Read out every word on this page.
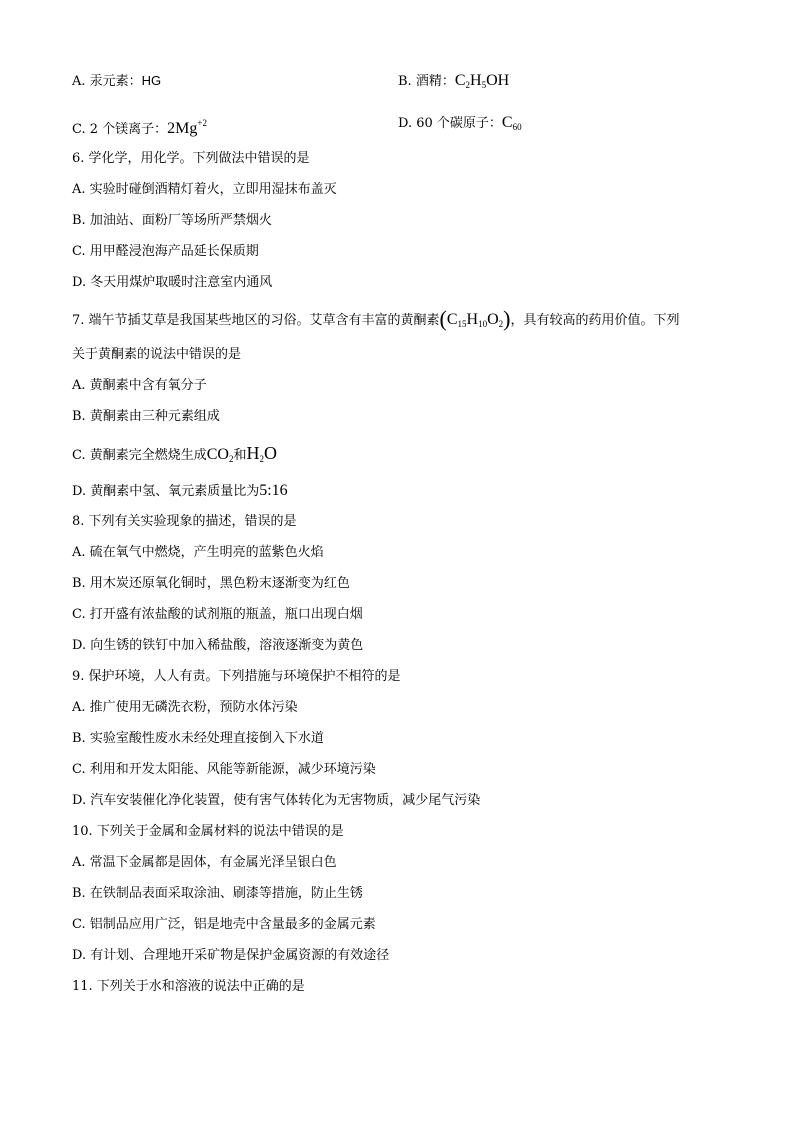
A. 汞元素：HG	B. 酒精：C2H5OH
C. 2 个镁离子：$2Mg^{+2}$	D. 60 个碳原子：C60
6. 学化学，用化学。下列做法中错误的是
A. 实验时碰倒酒精灯着火，立即用湿抹布盖灭
B. 加油站、面粉厂等场所严禁烟火
C. 用甲醛浸泡海产品延长保质期
D. 冬天用煤炉取暖时注意室内通风
7. 端午节插艾草是我国某些地区的习俗。艾草含有丰富的黄酮素(C15H10O2)，具有较高的药用价值。下列
关于黄酮素的说法中错误的是
A. 黄酮素中含有氧分子
B. 黄酮素由三种元素组成
C. 黄酮素完全燃烧生成CO2和H2O
D. 黄酮素中氢、氧元素质量比为5:16
8. 下列有关实验现象的描述，错误的是
A. 硫在氧气中燃烧，产生明亮的蓝紫色火焰
B. 用木炭还原氧化铜时，黑色粉末逐渐变为红色
C. 打开盛有浓盐酸的试剂瓶的瓶盖，瓶口出现白烟
D. 向生锈的铁钉中加入稀盐酸，溶液逐渐变为黄色
9. 保护环境，人人有责。下列措施与环境保护不相符的是
A. 推广使用无磷洗衣粉，预防水体污染
B. 实验室酸性废水未经处理直接倒入下水道
C. 利用和开发太阳能、风能等新能源，减少环境污染
D. 汽车安装催化净化装置，使有害气体转化为无害物质，减少尾气污染
10. 下列关于金属和金属材料的说法中错误的是
A. 常温下金属都是固体，有金属光泽呈银白色
B. 在铁制品表面采取涂油、刷漆等措施，防止生锈
C. 铝制品应用广泛，铝是地壳中含量最多的金属元素
D. 有计划、合理地开采矿物是保护金属资源的有效途径
11. 下列关于水和溶液的说法中正确的是
